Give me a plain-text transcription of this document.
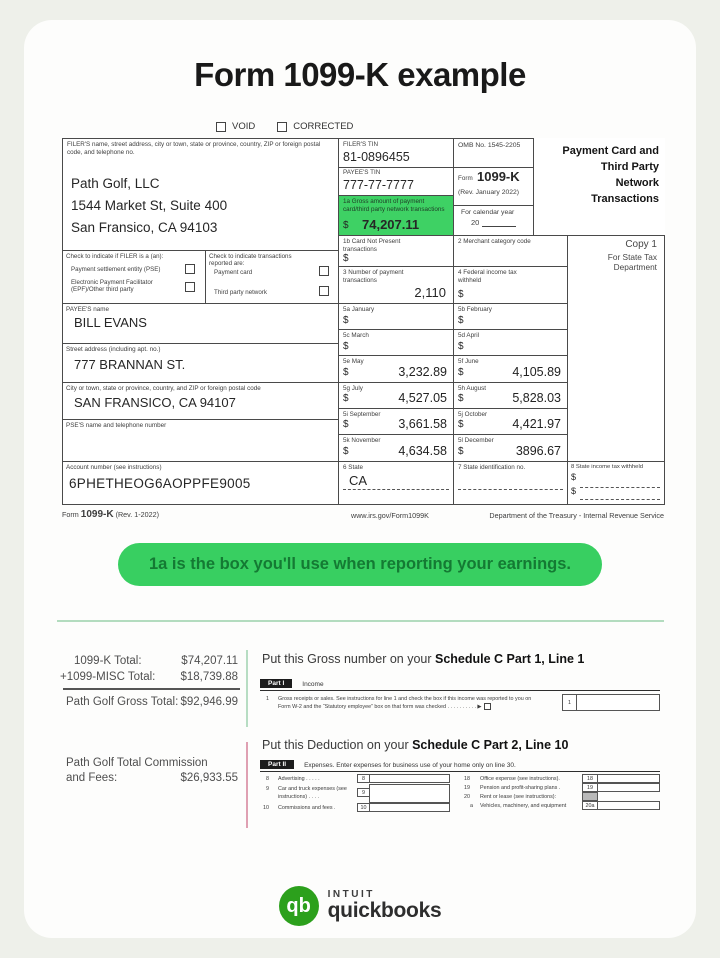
Form 1099-K example
VOID	CORRECTED
FILER'S name, street address, city or town, state or province, country, ZIP or foreign postal code, and telephone no.
Path Golf, LLC
1544 Market St, Suite 400
San Fransico, CA 94103
FILER'S TIN
81-0896455
PAYEE'S TIN
777-77-7777
1a Gross amount of payment card/third party network transactions
$ 74,207.11
OMB No. 1545-2205
Form 1099-K
(Rev. January 2022)
For calendar year
20
1b Card Not Present transactions
$
2 Merchant category code
3 Number of payment transactions
2,110
4 Federal income tax withheld
$
Payment Card and
Third Party
Network
Transactions
Copy 1
For State Tax
Department
Check to indicate if FILER is a (an):
Payment settlement entity (PSE)
Electronic Payment Facilitator
(EPF)/Other third party
Check to indicate transactions
reported are:
Payment card
Third party network
PAYEE'S name
BILL EVANS
Street address (including apt. no.)
777 BRANNAN ST.
City or town, state or province, country, and ZIP or foreign postal code
SAN FRANSICO, CA 94107
PSE'S name and telephone number
Account number (see instructions)
6PHETHEOG6AOPPFE9005
5a January
$
5b February
$
5c March
$
5d April
$
5e May
$	3,232.89
5f June
$	4,105.89
5g July
$	4,527.05
5h August
$	5,828.03
5i September
$	3,661.58
5j October
$	4,421.97
5k November
$	4,634.58
5l December
$	3896.67
6 State
CA
7 State identification no.	8 State income tax withheld
$
$
Form 1099-K (Rev. 1-2022)	www.irs.gov/Form1099K	Department of the Treasury - Internal Revenue Service
1a is the box you'll use when reporting your earnings.
1099-K Total:	$74,207.11
+1099-MISC Total: $18,739.88
Path Golf Gross Total: $92,946.99
Path Golf Total Commission
and Fees:	$26,933.55
Put this Gross number on your Schedule C Part 1, Line 1
Part I	Income
1 Gross receipts or sales. See instructions for line 1 and check the box if this income was reported to you on
Form W-2 and the “Statutory employee” box on that form was checked . . . . . . . . . . ▶
1
Put this Deduction on your Schedule C Part 2, Line 10
Part II	Expenses. Enter expenses for business use of your home only on line 30.
8 Advertising . . . . .	8
9 Car and truck expenses (see
instructions) . . . .
9
10 Commissions and fees .	10
18 Office expense (see instructions).	18
19 Pension and profit-sharing plans .	19
20 Rent or lease (see instructions):
a Vehicles, machinery, and equipment	20a
qb INTUIT
quickbooks
